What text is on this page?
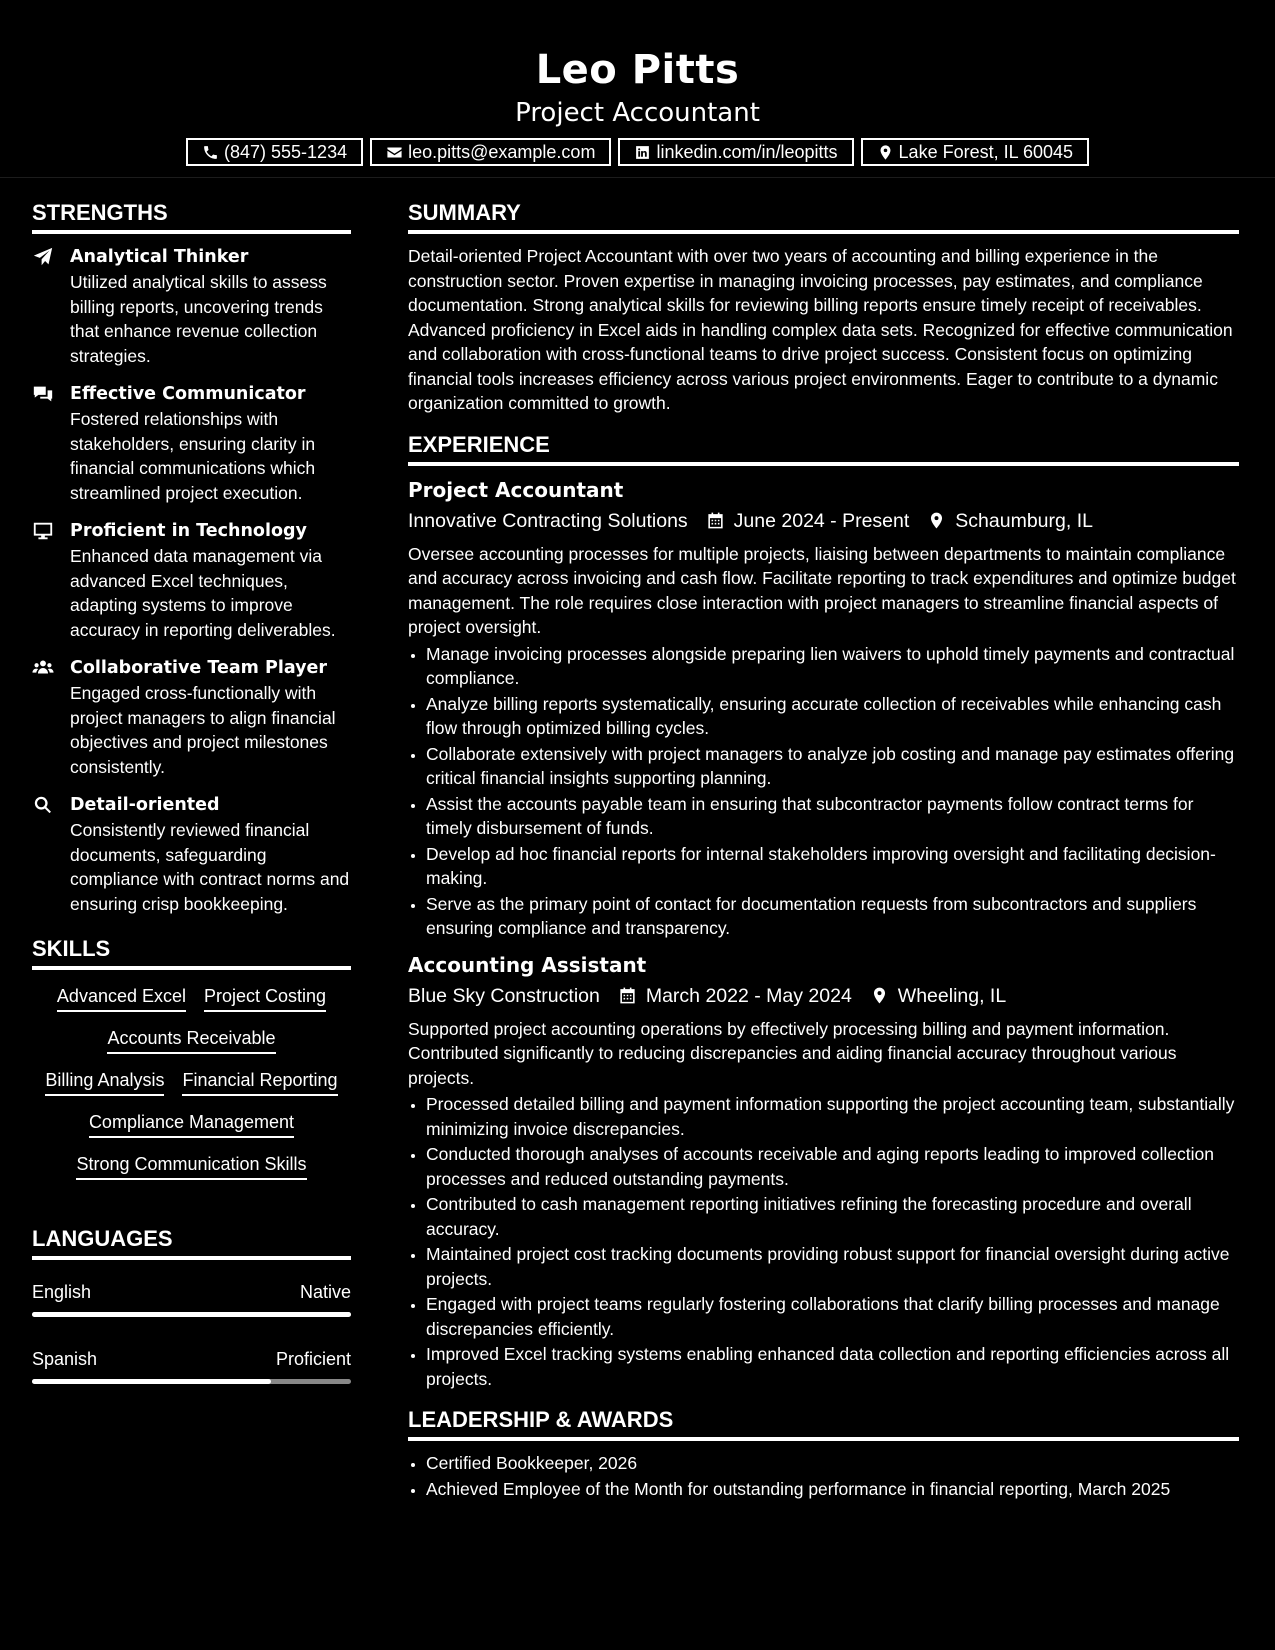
Leo Pitts
Project Accountant
(847) 555-1234	leo.pitts@example.com	linkedin.com/in/leopitts	Lake Forest, IL 60045
STRENGTHS
Analytical Thinker
Utilized analytical skills to assess billing reports, uncovering trends that enhance revenue collection strategies.
Effective Communicator
Fostered relationships with stakeholders, ensuring clarity in financial communications which streamlined project execution.
Proficient in Technology
Enhanced data management via advanced Excel techniques, adapting systems to improve accuracy in reporting deliverables.
Collaborative Team Player
Engaged cross-functionally with project managers to align financial objectives and project milestones consistently.
Detail-oriented
Consistently reviewed financial documents, safeguarding compliance with contract norms and ensuring crisp bookkeeping.
SKILLS
Advanced Excel Project Costing
Accounts Receivable
Billing Analysis Financial Reporting
Compliance Management
Strong Communication Skills
LANGUAGES
English	Native
Spanish	Proficient
SUMMARY

Detail-oriented Project Accountant with over two years of accounting and billing experience in the construction sector. Proven expertise in managing invoicing processes, pay estimates, and compliance documentation. Strong analytical skills for reviewing billing reports ensure timely receipt of receivables. Advanced proficiency in Excel aids in handling complex data sets. Recognized for effective communication and collaboration with cross-functional teams to drive project success. Consistent focus on optimizing financial tools increases efficiency across various project environments. Eager to contribute to a dynamic organization committed to growth.

EXPERIENCE
Project Accountant
Innovative Contracting Solutions June 2024 - Present Schaumburg, IL

Oversee accounting processes for multiple projects, liaising between departments to maintain compliance and accuracy across invoicing and cash flow. Facilitate reporting to track expenditures and optimize budget management. The role requires close interaction with project managers to streamline financial aspects of project oversight.

• Manage invoicing processes alongside preparing lien waivers to uphold timely payments and contractual compliance.
• Analyze billing reports systematically, ensuring accurate collection of receivables while enhancing cash flow through optimized billing cycles.
• Collaborate extensively with project managers to analyze job costing and manage pay estimates offering critical financial insights supporting planning.
• Assist the accounts payable team in ensuring that subcontractor payments follow contract terms for timely disbursement of funds.
• Develop ad hoc financial reports for internal stakeholders improving oversight and facilitating decision-making.
• Serve as the primary point of contact for documentation requests from subcontractors and suppliers ensuring compliance and transparency.
Accounting Assistant
Blue Sky Construction March 2022 - May 2024 Wheeling, IL

Supported project accounting operations by effectively processing billing and payment information. Contributed significantly to reducing discrepancies and aiding financial accuracy throughout various projects.

• Processed detailed billing and payment information supporting the project accounting team, substantially minimizing invoice discrepancies.
• Conducted thorough analyses of accounts receivable and aging reports leading to improved collection processes and reduced outstanding payments.
• Contributed to cash management reporting initiatives refining the forecasting procedure and overall accuracy.
• Maintained project cost tracking documents providing robust support for financial oversight during active projects.
• Engaged with project teams regularly fostering collaborations that clarify billing processes and manage discrepancies efficiently.
• Improved Excel tracking systems enabling enhanced data collection and reporting efficiencies across all projects.
LEADERSHIP & AWARDS
• Certified Bookkeeper, 2026
• Achieved Employee of the Month for outstanding performance in financial reporting, March 2025
